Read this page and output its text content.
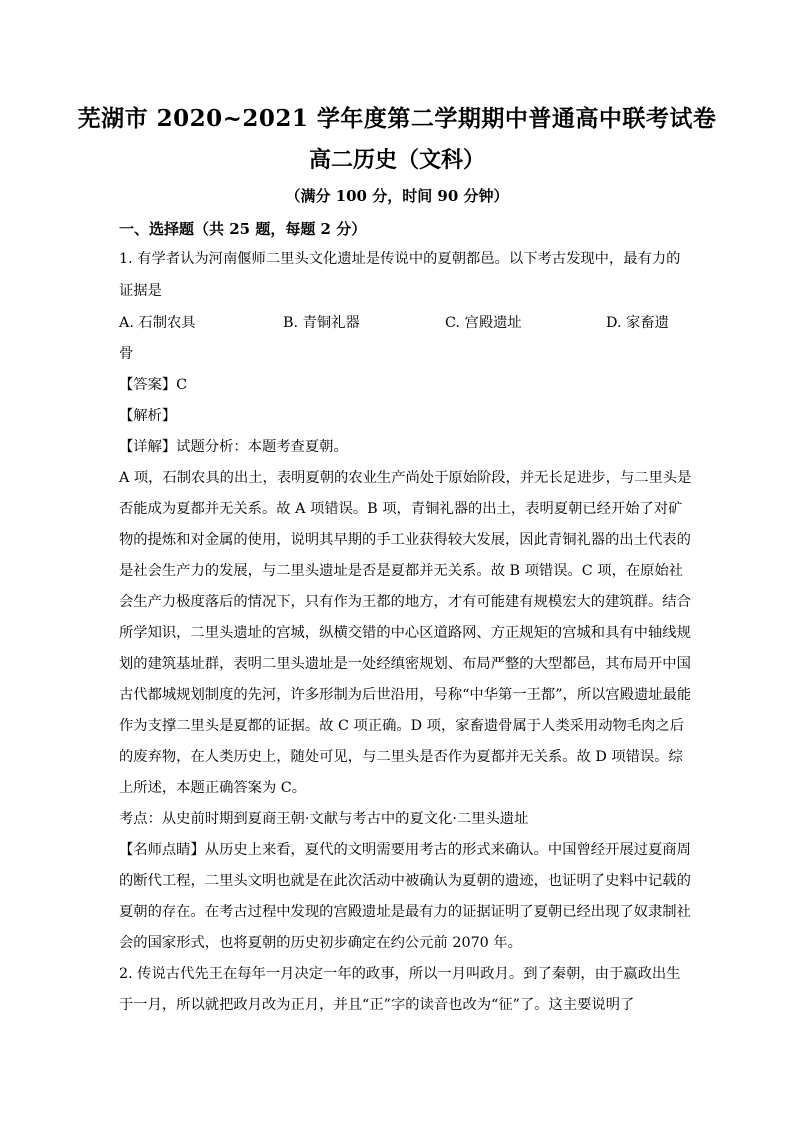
芜湖市 2020~2021 学年度第二学期期中普通高中联考试卷
高二历史（文科）
（满分 100 分，时间 90 分钟）
一、选择题（共 25 题，每题 2 分）
1. 有学者认为河南偃师二里头文化遗址是传说中的夏朝都邑。以下考古发现中，最有力的
证据是
A. 石制农具	B. 青铜礼器	C. 宫殿遗址	D. 家畜遗
骨
【答案】C
【解析】
【详解】试题分析：本题考查夏朝。
A 项，石制农具的出土，表明夏朝的农业生产尚处于原始阶段，并无长足进步，与二里头是
否能成为夏都并无关系。故 A 项错误。B 项，青铜礼器的出土，表明夏朝已经开始了对矿
物的提炼和对金属的使用，说明其早期的手工业获得较大发展，因此青铜礼器的出土代表的
是社会生产力的发展，与二里头遗址是否是夏都并无关系。故 B 项错误。C 项，在原始社
会生产力极度落后的情况下，只有作为王都的地方，才有可能建有规模宏大的建筑群。结合
所学知识，二里头遗址的宫城，纵横交错的中心区道路网、方正规矩的宫城和具有中轴线规
划的建筑基址群，表明二里头遗址是一处经缜密规划、布局严整的大型都邑，其布局开中国
古代都城规划制度的先河，许多形制为后世沿用，号称“中华第一王都”，所以宫殿遗址最能
作为支撑二里头是夏都的证据。故 C 项正确。D 项，家畜遗骨属于人类采用动物毛肉之后
的废弃物，在人类历史上，随处可见，与二里头是否作为夏都并无关系。故 D 项错误。综
上所述，本题正确答案为 C。
考点：从史前时期到夏商王朝·文献与考古中的夏文化·二里头遗址
【名师点睛】从历史上来看，夏代的文明需要用考古的形式来确认。中国曾经开展过夏商周
的断代工程，二里头文明也就是在此次活动中被确认为夏朝的遗迹，也证明了史料中记载的
夏朝的存在。在考古过程中发现的宫殿遗址是最有力的证据证明了夏朝已经出现了奴隶制社
会的国家形式，也将夏朝的历史初步确定在约公元前 2070 年。
2. 传说古代先王在每年一月决定一年的政事，所以一月叫政月。到了秦朝，由于嬴政出生
于一月，所以就把政月改为正月，并且“正”字的读音也改为“征”了。这主要说明了
